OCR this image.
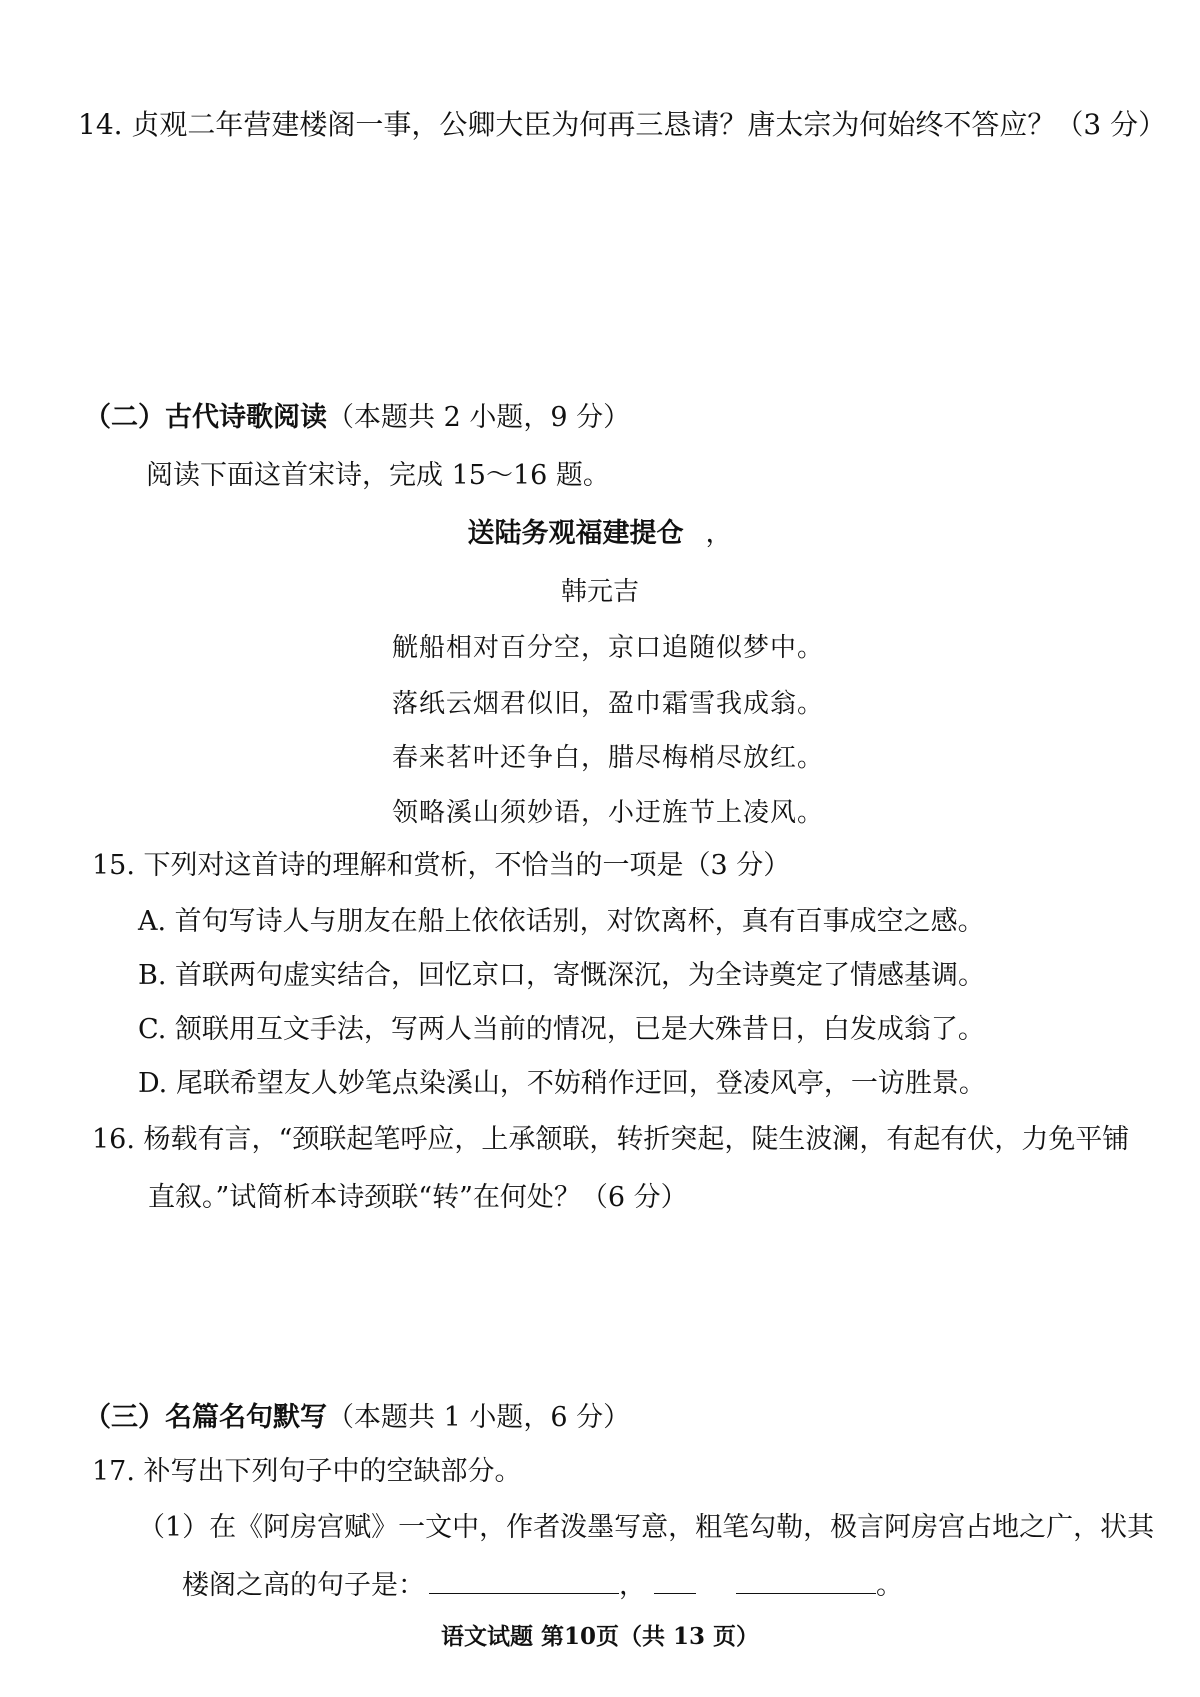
14. 贞观二年营建楼阁一事，公卿大臣为何再三恳请？唐太宗为何始终不答应？（3 分）
（二）古代诗歌阅读（本题共 2 小题，9 分）
阅读下面这首宋诗，完成 15～16 题。
送陆务观福建提仓 ，
韩元吉
觥船相对百分空，京口追随似梦中。
落纸云烟君似旧，盈巾霜雪我成翁。
春来茗叶还争白，腊尽梅梢尽放红。
领略溪山须妙语，小迂旌节上凌风。
15. 下列对这首诗的理解和赏析，不恰当的一项是（3 分）
A. 首句写诗人与朋友在船上依依话别，对饮离杯，真有百事成空之感。
B. 首联两句虚实结合，回忆京口，寄慨深沉，为全诗奠定了情感基调。
C. 颔联用互文手法，写两人当前的情况，已是大殊昔日，白发成翁了。
D. 尾联希望友人妙笔点染溪山，不妨稍作迂回，登凌风亭，一访胜景。
16. 杨载有言，“颈联起笔呼应，上承颔联，转折突起，陡生波澜，有起有伏，力免平铺
直叙。”试简析本诗颈联“转”在何处？（6 分）
（三）名篇名句默写（本题共 1 小题，6 分）
17. 补写出下列句子中的空缺部分。
（1）在《阿房宫赋》一文中，作者泼墨写意，粗笔勾勒，极言阿房宫占地之广，状其
楼阁之高的句子是：	，	。
语文试题 第10页（共 13 页）
